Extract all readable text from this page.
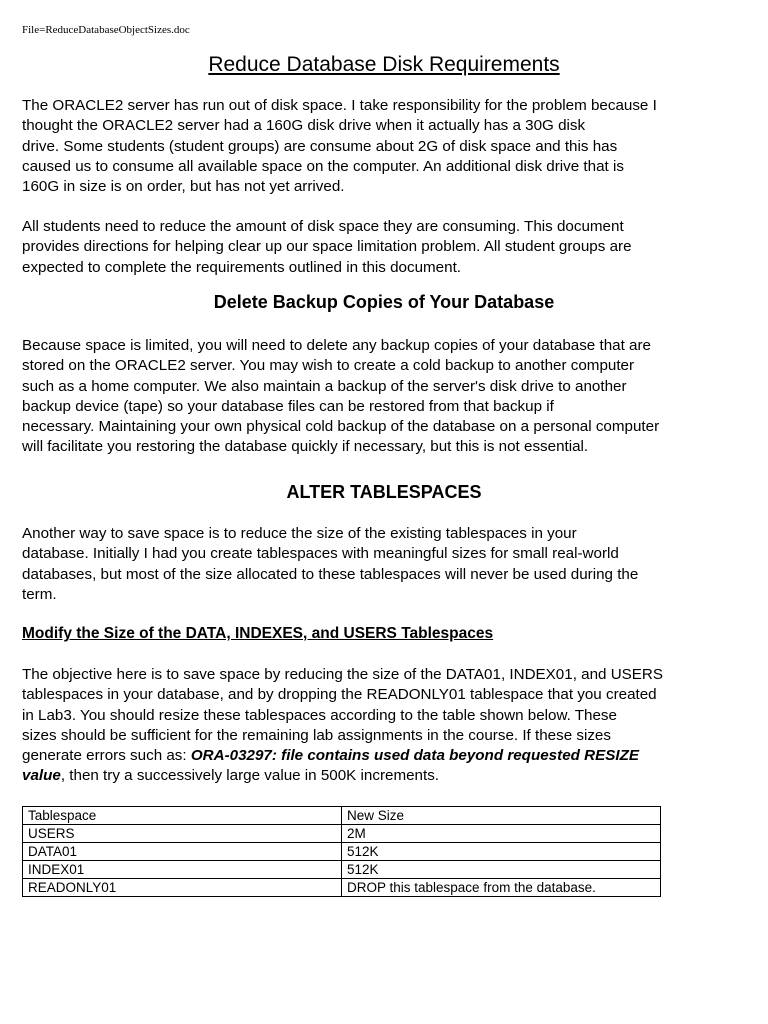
File=ReduceDatabaseObjectSizes.doc
Reduce Database Disk Requirements

The ORACLE2 server has run out of disk space. I take responsibility for the problem because I
thought the ORACLE2 server had a 160G disk drive when it actually has a 30G disk
drive. Some students (student groups) are consume about 2G of disk space and this has
caused us to consume all available space on the computer. An additional disk drive that is
160G in size is on order, but has not yet arrived.

All students need to reduce the amount of disk space they are consuming. This document
provides directions for helping clear up our space limitation problem. All student groups are
expected to complete the requirements outlined in this document.

Delete Backup Copies of Your Database

Because space is limited, you will need to delete any backup copies of your database that are
stored on the ORACLE2 server. You may wish to create a cold backup to another computer
such as a home computer. We also maintain a backup of the server's disk drive to another
backup device (tape) so your database files can be restored from that backup if
necessary. Maintaining your own physical cold backup of the database on a personal computer
will facilitate you restoring the database quickly if necessary, but this is not essential.

ALTER TABLESPACES

Another way to save space is to reduce the size of the existing tablespaces in your
database. Initially I had you create tablespaces with meaningful sizes for small real-world
databases, but most of the size allocated to these tablespaces will never be used during the
term.

Modify the Size of the DATA, INDEXES, and USERS Tablespaces

The objective here is to save space by reducing the size of the DATA01, INDEX01, and USERS
tablespaces in your database, and by dropping the READONLY01 tablespace that you created
in Lab3. You should resize these tablespaces according to the table shown below. These
sizes should be sufficient for the remaining lab assignments in the course. If these sizes
generate errors such as: ORA-03297: file contains used data beyond requested RESIZE
value, then try a successively large value in 500K increments.

Tablespace	New Size
USERS	2M
DATA01	512K
INDEX01	512K
READONLY01	DROP this tablespace from the database.
